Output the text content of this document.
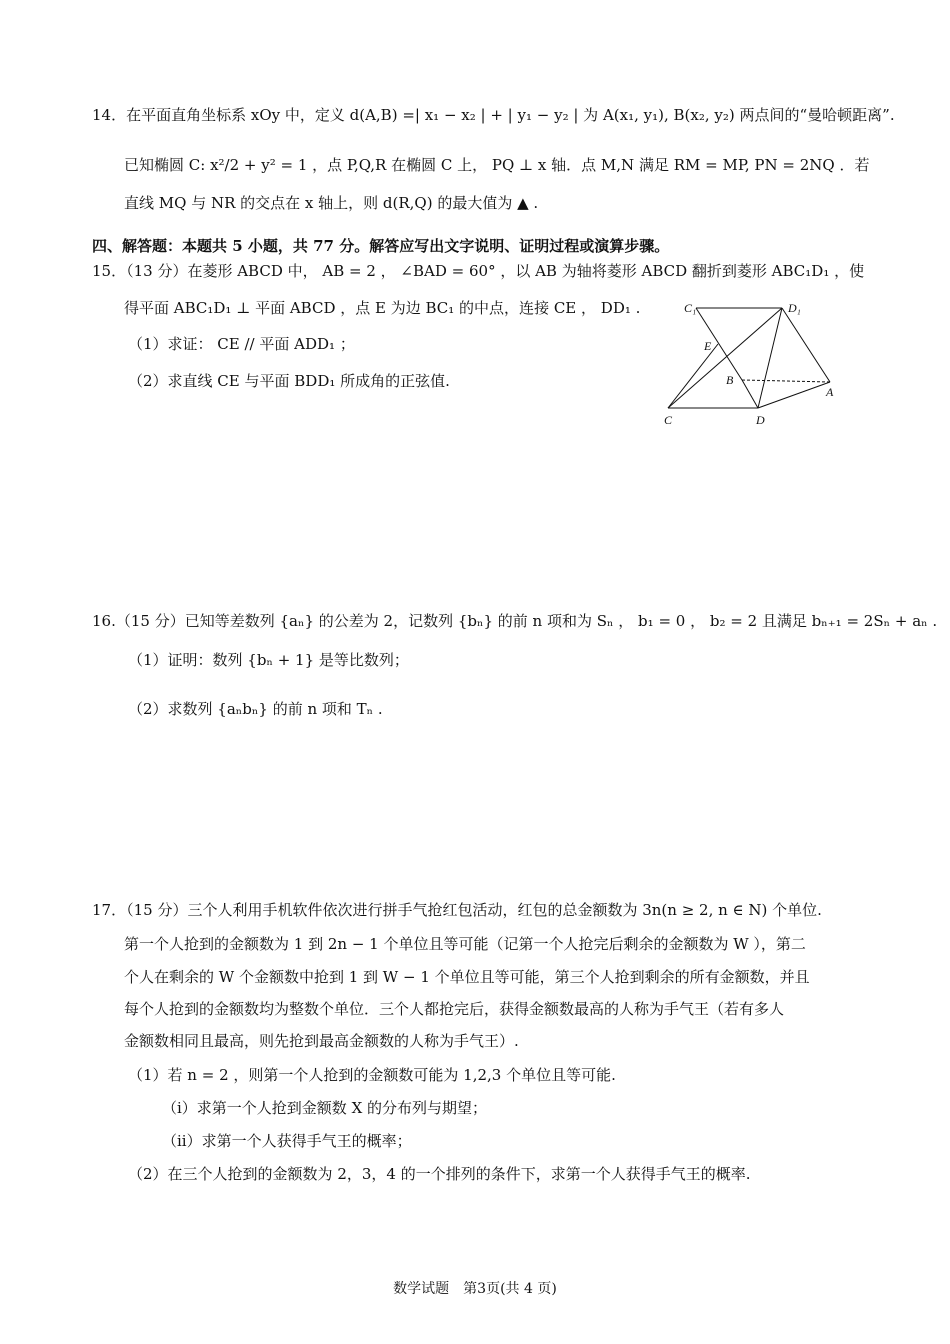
14．在平面直角坐标系 xOy 中，定义 d(A,B) =| x₁ − x₂ | + | y₁ − y₂ | 为 A(x₁, y₁), B(x₂, y₂) 两点间的“曼哈顿距离”.
已知椭圆 C: x²/2 + y² = 1 ，点 P,Q,R 在椭圆 C 上， PQ ⊥ x 轴．点 M,N 满足 RM = MP, PN = 2NQ ．若
直线 MQ 与 NR 的交点在 x 轴上，则 d(R,Q) 的最大值为 ▲ .
四、解答题：本题共 5 小题，共 77 分。解答应写出文字说明、证明过程或演算步骤。
15．（13 分）在菱形 ABCD 中， AB = 2 ， ∠BAD = 60° ，以 AB 为轴将菱形 ABCD 翻折到菱形 ABC₁D₁ ，使
得平面 ABC₁D₁ ⊥ 平面 ABCD ，点 E 为边 BC₁ 的中点，连接 CE ， DD₁ .
（1）求证： CE // 平面 ADD₁ ；
（2）求直线 CE 与平面 BDD₁ 所成角的正弦值.
C₁	D₁
E
B
A
C	D
16.（15 分）已知等差数列 {aₙ} 的公差为 2，记数列 {bₙ} 的前 n 项和为 Sₙ ， b₁ = 0 ， b₂ = 2 且满足 bₙ₊₁ = 2Sₙ + aₙ .
（1）证明：数列 {bₙ + 1} 是等比数列；
（2）求数列 {aₙbₙ} 的前 n 项和 Tₙ .
17．（15 分）三个人利用手机软件依次进行拼手气抢红包活动，红包的总金额数为 3n(n ≥ 2, n ∈ N) 个单位.
第一个人抢到的金额数为 1 到 2n − 1 个单位且等可能（记第一个人抢完后剩余的金额数为 W ），第二
个人在剩余的 W 个金额数中抢到 1 到 W − 1 个单位且等可能，第三个人抢到剩余的所有金额数，并且
每个人抢到的金额数均为整数个单位．三个人都抢完后，获得金额数最高的人称为手气王（若有多人
金额数相同且最高，则先抢到最高金额数的人称为手气王）.
（1）若 n = 2 ，则第一个人抢到的金额数可能为 1,2,3 个单位且等可能.
（i）求第一个人抢到金额数 X 的分布列与期望；
（ii）求第一个人获得手气王的概率；
（2）在三个人抢到的金额数为 2，3，4 的一个排列的条件下，求第一个人获得手气王的概率.
数学试题　第3页(共 4 页)
